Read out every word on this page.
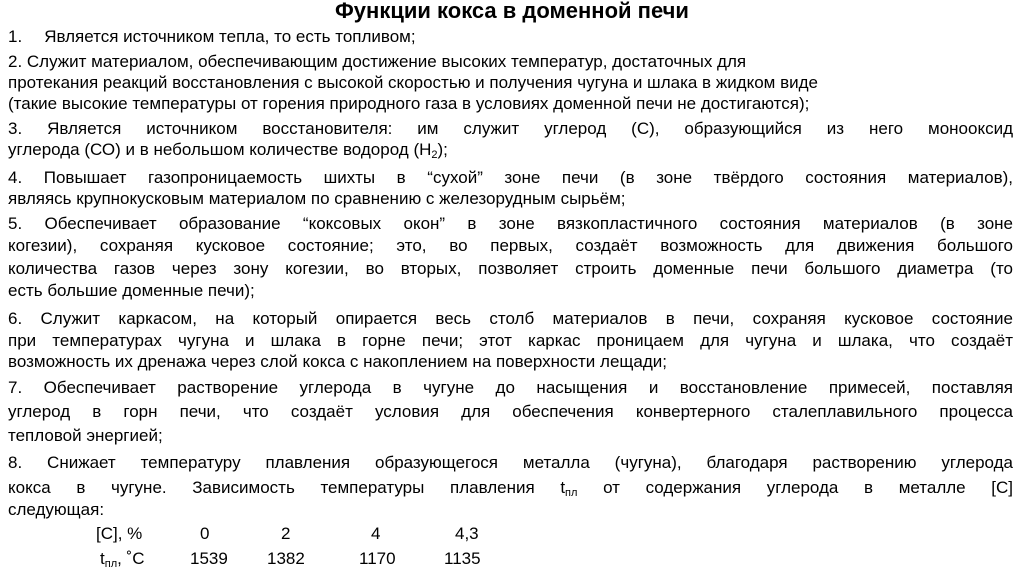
Функции кокса в доменной печи
1. Является источником тепла, то есть топливом;
2. Служит материалом, обеспечивающим достижение высоких температур, достаточных для
протекания реакций восстановления с высокой скоростью и получения чугуна и шлака в жидком виде
(такие высокие температуры от горения природного газа в условиях доменной печи не достигаются);
3. Является источником восстановителя: им служит углерод (С), образующийся из него монооксид
углерода (СО) и в небольшом количестве водород $(Н_2)$;
4. Повышает газопроницаемость шихты в “сухой” зоне печи (в зоне твёрдого состояния материалов),
являясь крупнокусковым материалом по сравнению с железорудным сырьём;
5. Обеспечивает образование “коксовых окон” в зоне вязкопластичного состояния материалов (в зоне
когезии), сохраняя кусковое состояние; это, во первых, создаёт возможность для движения большого
количества газов через зону когезии, во вторых, позволяет строить доменные печи большого диаметра (то
есть большие доменные печи);
6. Служит каркасом, на который опирается весь столб материалов в печи, сохраняя кусковое состояние
при температурах чугуна и шлака в горне печи; этот каркас проницаем для чугуна и шлака, что создаёт
возможность их дренажа через слой кокса с накоплением на поверхности лещади;
7. Обеспечивает растворение углерода в чугуне до насыщения и восстановление примесей, поставляя
углерод в горн печи, что создаёт условия для обеспечения конвертерного сталеплавильного процесса
тепловой энергией;
8. Снижает температуру плавления образующегося металла (чугуна), благодаря растворению углерода
кокса в чугуне. Зависимость температуры плавления $t_{пл}$ от содержания углерода в металле [C]
следующая:
[C], %	0	2	4	4,3
$t_{пл}$, ˚С	1539 1382	1170	1135
